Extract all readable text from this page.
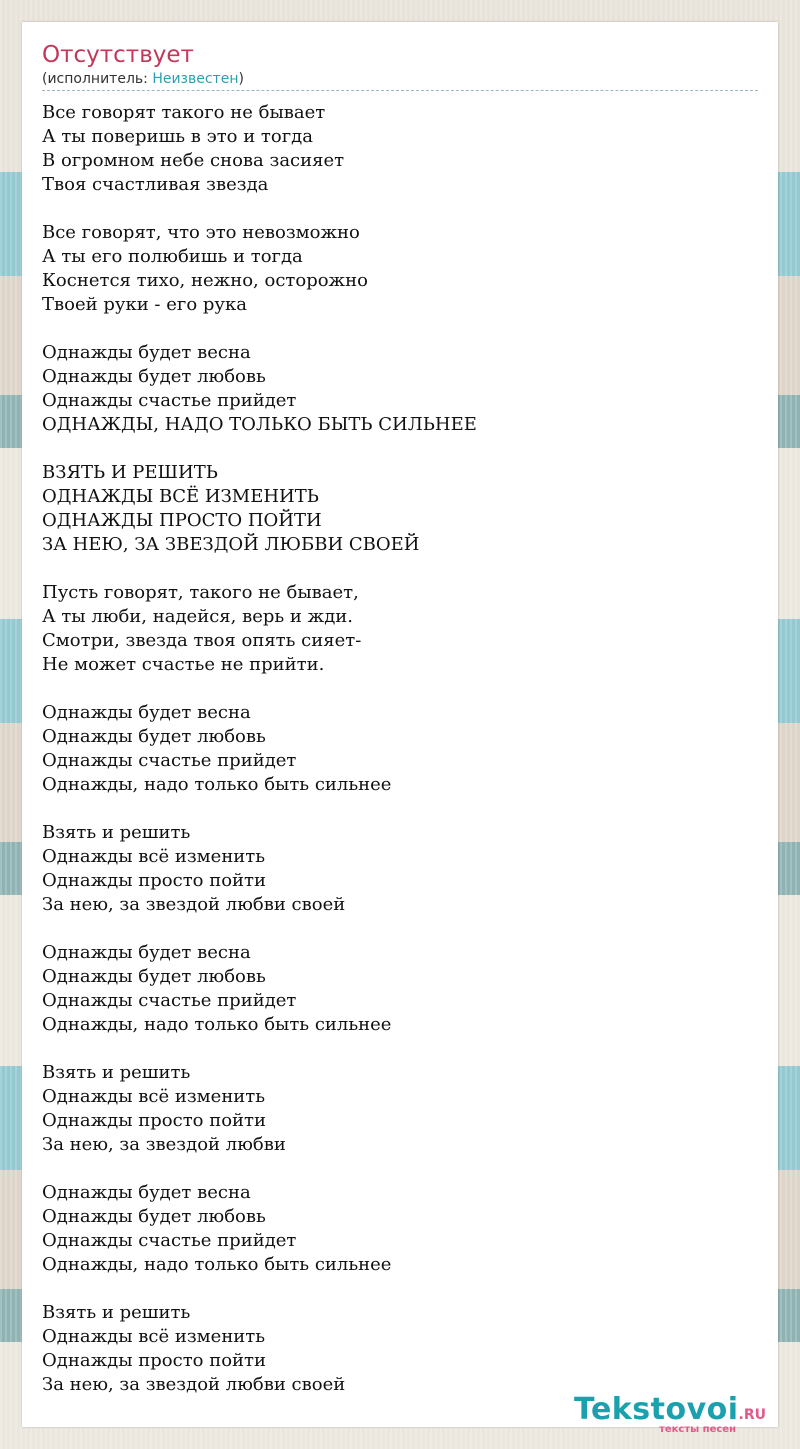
Отсутствует
(исполнитель: Неизвестен)
Все говорят такого не бывает
А ты поверишь в это и тогда
В огромном небе снова засияет
Твоя счастливая звезда
Все говорят, что это невозможно
А ты его полюбишь и тогда
Коснется тихо, нежно, осторожно
Твоей руки - его рука
Однажды будет весна
Однажды будет любовь
Однажды счастье прийдет
ОДНАЖДЫ, НАДО ТОЛЬКО БЫТЬ СИЛЬНЕЕ
ВЗЯТЬ И РЕШИТЬ
ОДНАЖДЫ ВСЁ ИЗМЕНИТЬ
ОДНАЖДЫ ПРОСТО ПОЙТИ
ЗА НЕЮ, ЗА ЗВЕЗДОЙ ЛЮБВИ СВОЕЙ
Пусть говорят, такого не бывает,
А ты люби, надейся, верь и жди.
Смотри, звезда твоя опять сияет-
Не может счастье не прийти.
Однажды будет весна
Однажды будет любовь
Однажды счастье прийдет
Однажды, надо только быть сильнее
Взять и решить
Однажды всё изменить
Однажды просто пойти
За нею, за звездой любви своей
Однажды будет весна
Однажды будет любовь
Однажды счастье прийдет
Однажды, надо только быть сильнее
Взять и решить
Однажды всё изменить
Однажды просто пойти
За нею, за звездой любви
Однажды будет весна
Однажды будет любовь
Однажды счастье прийдет
Однажды, надо только быть сильнее
Взять и решить
Однажды всё изменить
Однажды просто пойти
За нею, за звездой любви своей
Tekstovoi.RU
тексты песен
